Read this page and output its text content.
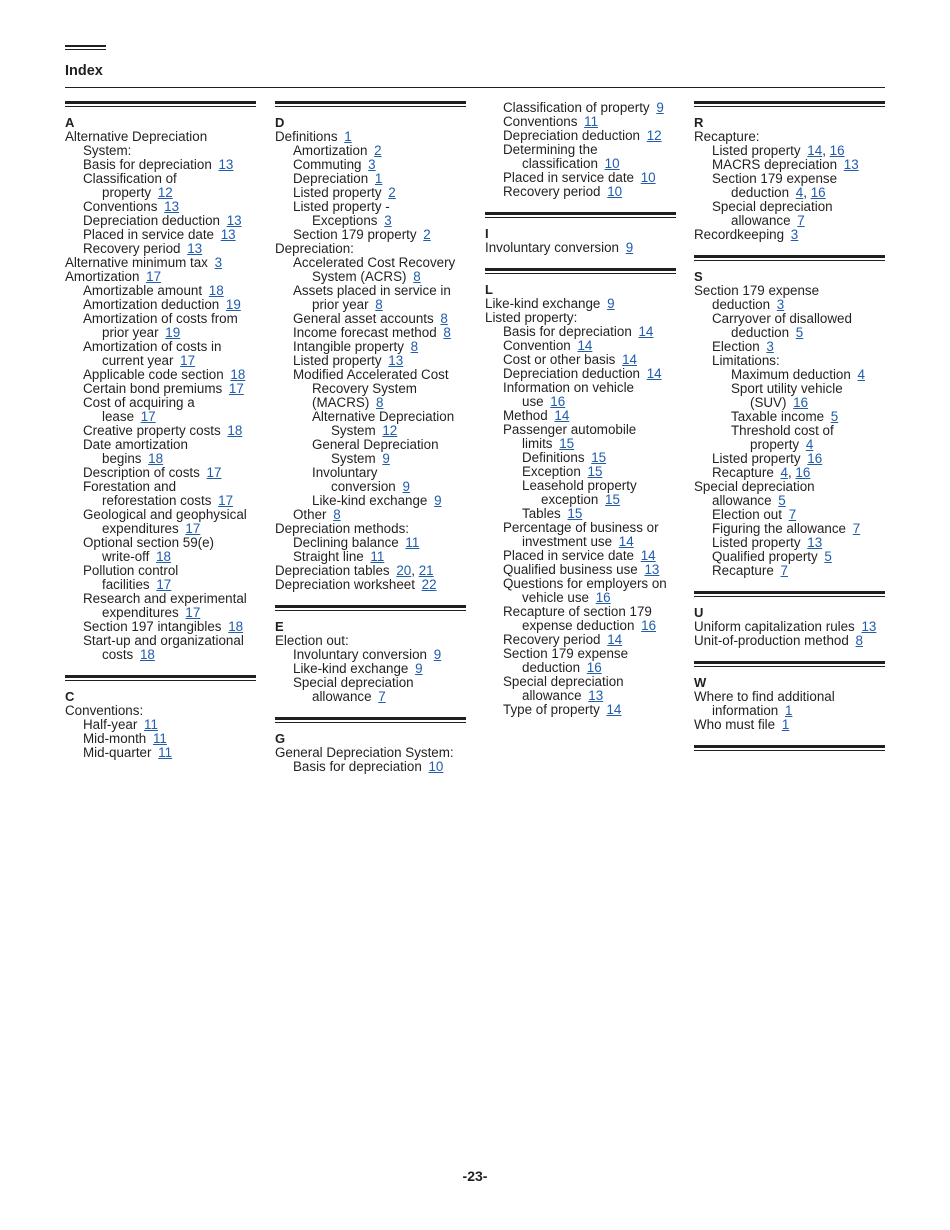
Index
A
Alternative Depreciation
System:
Basis for depreciation  13
Classification of
property  12
Conventions  13
Depreciation deduction  13
Placed in service date  13
Recovery period  13
Alternative minimum tax  3
Amortization  17
Amortizable amount  18
Amortization deduction  19
Amortization of costs from
prior year  19
Amortization of costs in
current year  17
Applicable code section  18
Certain bond premiums  17
Cost of acquiring a
lease  17
Creative property costs  18
Date amortization
begins  18
Description of costs  17
Forestation and
reforestation costs  17
Geological and geophysical
expenditures  17
Optional section 59(e)
write-off  18
Pollution control
facilities  17
Research and experimental
expenditures  17
Section 197 intangibles  18
Start-up and organizational
costs  18
C
Conventions:
Half-year  11
Mid-month  11
Mid-quarter  11
D
Definitions  1
Amortization  2
Commuting  3
Depreciation  1
Listed property  2
Listed property -
Exceptions  3
Section 179 property  2
Depreciation:
Accelerated Cost Recovery
System (ACRS)  8
Assets placed in service in
prior year  8
General asset accounts  8
Income forecast method  8
Intangible property  8
Listed property  13
Modified Accelerated Cost
Recovery System
(MACRS)  8
Alternative Depreciation
System  12
General Depreciation
System  9
Involuntary
conversion  9
Like-kind exchange  9
Other  8
Depreciation methods:
Declining balance  11
Straight line  11
Depreciation tables  20, 21
Depreciation worksheet  22
E
Election out:
Involuntary conversion  9
Like-kind exchange  9
Special depreciation
allowance  7
G
General Depreciation System:
Basis for depreciation  10
Classification of property  9
Conventions  11
Depreciation deduction  12
Determining the
classification  10
Placed in service date  10
Recovery period  10
I
Involuntary conversion  9
L
Like-kind exchange  9
Listed property:
Basis for depreciation  14
Convention  14
Cost or other basis  14
Depreciation deduction  14
Information on vehicle
use  16
Method  14
Passenger automobile
limits  15
Definitions  15
Exception  15
Leasehold property
exception  15
Tables  15
Percentage of business or
investment use  14
Placed in service date  14
Qualified business use  13
Questions for employers on
vehicle use  16
Recapture of section 179
expense deduction  16
Recovery period  14
Section 179 expense
deduction  16
Special depreciation
allowance  13
Type of property  14
R
Recapture:
Listed property  14, 16
MACRS depreciation  13
Section 179 expense
deduction  4, 16
Special depreciation
allowance  7
Recordkeeping  3
S
Section 179 expense
deduction  3
Carryover of disallowed
deduction  5
Election  3
Limitations:
Maximum deduction  4
Sport utility vehicle
(SUV)  16
Taxable income  5
Threshold cost of
property  4
Listed property  16
Recapture  4, 16
Special depreciation
allowance  5
Election out  7
Figuring the allowance  7
Listed property  13
Qualified property  5
Recapture  7
U
Uniform capitalization rules  13
Unit-of-production method  8
W
Where to find additional
information  1
Who must file  1
-23-
